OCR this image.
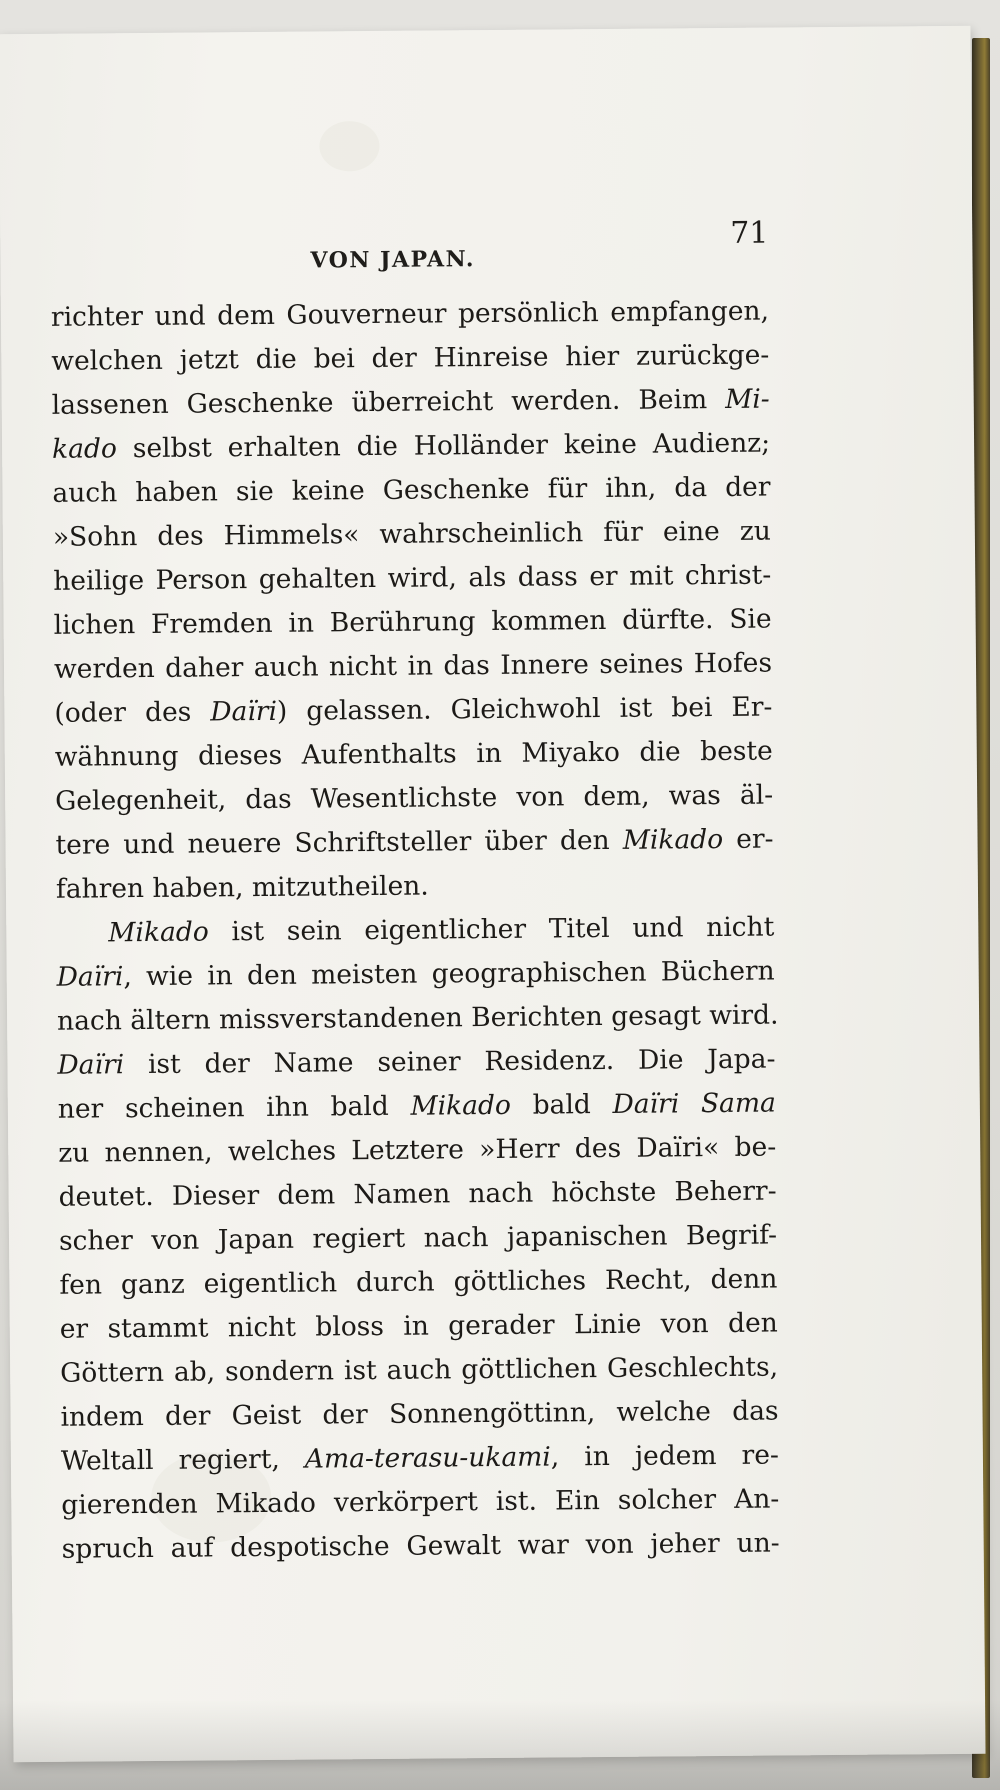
VON JAPAN.
71
richter und dem Gouverneur persönlich empfangen,
welchen jetzt die bei der Hinreise hier zurückge-
lassenen Geschenke überreicht werden. Beim Mi-
kado selbst erhalten die Holländer keine Audienz;
auch haben sie keine Geschenke für ihn, da der
»Sohn des Himmels« wahrscheinlich für eine zu
heilige Person gehalten wird, als dass er mit christ-
lichen Fremden in Berührung kommen dürfte. Sie
werden daher auch nicht in das Innere seines Hofes
(oder des Daïri) gelassen. Gleichwohl ist bei Er-
wähnung dieses Aufenthalts in Miyako die beste
Gelegenheit, das Wesentlichste von dem, was äl-
tere und neuere Schriftsteller über den Mikado er-
fahren haben, mitzutheilen.
Mikado ist sein eigentlicher Titel und nicht
Daïri, wie in den meisten geographischen Büchern
nach ältern missverstandenen Berichten gesagt wird.
Daïri ist der Name seiner Residenz. Die Japa-
ner scheinen ihn bald Mikado bald Daïri Sama
zu nennen, welches Letztere »Herr des Daïri« be-
deutet. Dieser dem Namen nach höchste Beherr-
scher von Japan regiert nach japanischen Begrif-
fen ganz eigentlich durch göttliches Recht, denn
er stammt nicht bloss in gerader Linie von den
Göttern ab, sondern ist auch göttlichen Geschlechts,
indem der Geist der Sonnengöttinn, welche das
Weltall regiert, Ama-terasu-ukami, in jedem re-
gierenden Mikado verkörpert ist. Ein solcher An-
spruch auf despotische Gewalt war von jeher un-
